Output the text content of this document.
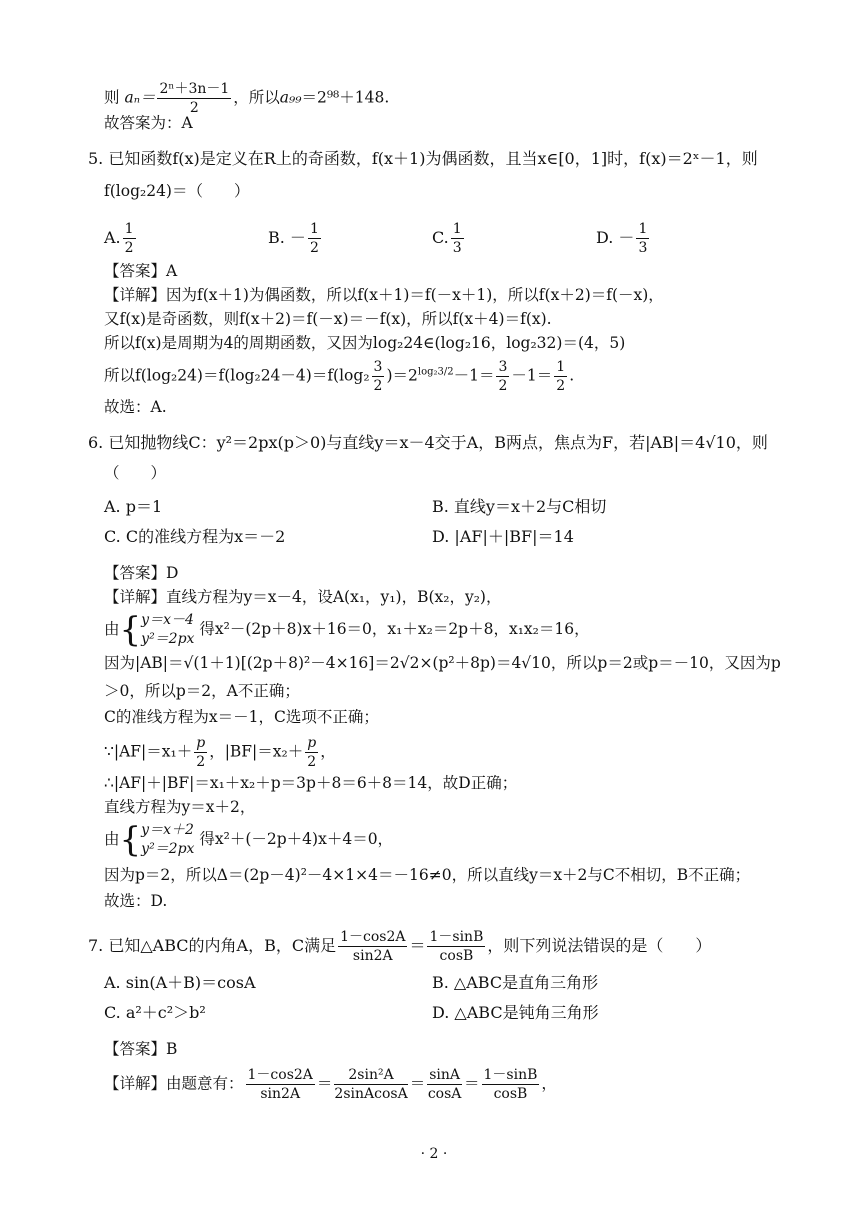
则 $a_n= \frac{\text{2ⁿ＋3n－1}}{2}$ ，所以a₉₉＝2⁹⁸＋148.
故答案为：A
5. 已知函数f(x)是定义在R上的奇函数，f(x＋1)为偶函数，且当x∈[0，1]时，f(x)＝2ˣ－1，则
f(log₂24)＝（　　）
A. $\frac{1}{2}$	B. － $\frac{1}{2}$	C. $\frac{1}{3}$	D. － $\frac{1}{3}$
【答案】A
【详解】因为f(x＋1)为偶函数，所以f(x＋1)＝f(－x＋1)，所以f(x＋2)＝f(－x)，
又f(x)是奇函数，则f(x＋2)＝f(－x)＝－f(x)，所以f(x＋4)＝f(x).
所以f(x)是周期为4的周期函数，又因为log₂24∈(log₂16，log₂32)＝(4，5)
所以$f(\log_224)=f(\log_224-4)=f(\log_2 \frac{3}{2} )=2^{log_23/2}-1= \frac{3}{2} -1= \frac{1}{2}$ .
故选：A.
6. 已知抛物线C：y²＝2px(p＞0)与直线y＝x－4交于A，B两点，焦点为F，若|AB|＝4√10，则
（　　）
A. p＝1	B. 直线y＝x＋2与C相切
C. C的准线方程为x＝－2	D. |AF|＋|BF|＝14
【答案】D
【详解】直线方程为y＝x－4，设A(x₁，y₁)，B(x₂，y₂)，
由{ y＝x－4
y²＝2px
得x²－(2p＋8)x＋16＝0，x₁＋x₂＝2p＋8，x₁x₂＝16，
因为|AB|＝√(1＋1)[(2p＋8)²－4×16]＝2√2×(p²＋8p)＝4√10，所以p＝2或p＝－10，又因为p
＞0，所以p＝2，A不正确；
C的准线方程为x＝－1，C选项不正确；
∵|AF|＝x₁＋ $\frac{p}{2}$ ，$|BF|=x_2+ \frac{p}{2}$ ，
∴|AF|＋|BF|＝x₁＋x₂＋p＝3p＋8＝6＋8＝14，故D正确；
直线方程为y＝x＋2，
由{ y＝x＋2
y²＝2px
得x²＋(－2p＋4)x＋4＝0，
因为p＝2，所以Δ＝(2p－4)²－4×1×4＝－16≠0，所以直线y＝x＋2与C不相切，B不正确；
故选：D.
7. 已知△ABC的内角A，B，C满足 $\frac{1-\cos 2A}{\sin 2A} = \frac{1-\sin B}{\cos B}$ ，则下列说法错误的是（　　）
A. sin(A＋B)＝cosA	B. △ABC是直角三角形
C. a²＋c²＞b²	D. △ABC是钝角三角形
【答案】B
【详解】由题意有： $\frac{1-\cos 2A}{\sin 2A} = \frac{\text{2sin²A}}{\text{2sinAcosA}} = \frac{\sin A}{\cos A} = \frac{1-\sin B}{\cos B}$ ，
· 2 ·
